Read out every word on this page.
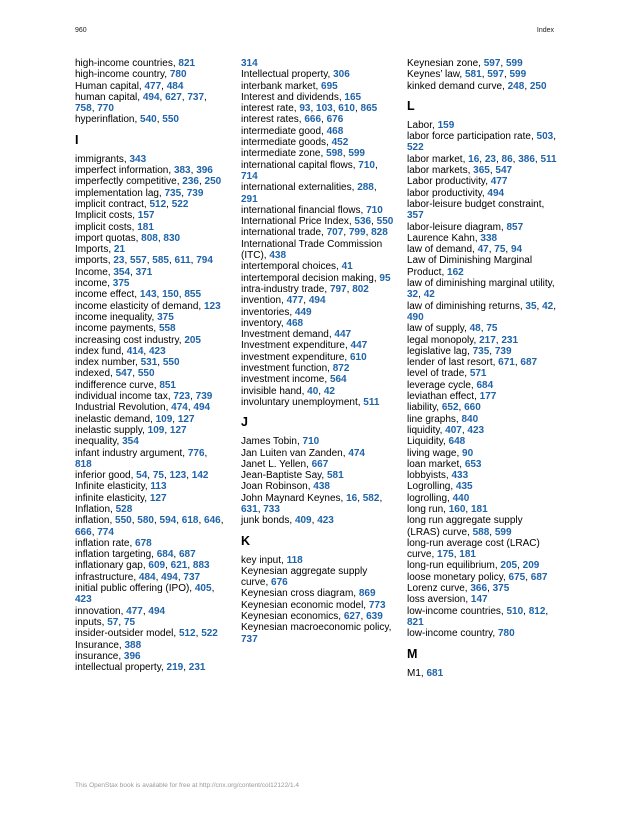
960	Index
high-income countries, 821
high-income country, 780
Human capital, 477, 484
human capital, 494, 627, 737, 758, 770
hyperinflation, 540, 550
I
immigrants, 343
imperfect information, 383, 396
imperfectly competitive, 236, 250
implementation lag, 735, 739
implicit contract, 512, 522
Implicit costs, 157
implicit costs, 181
import quotas, 808, 830
Imports, 21
imports, 23, 557, 585, 611, 794
Income, 354, 371
income, 375
income effect, 143, 150, 855
income elasticity of demand, 123
income inequality, 375
income payments, 558
increasing cost industry, 205
index fund, 414, 423
index number, 531, 550
indexed, 547, 550
indifference curve, 851
individual income tax, 723, 739
Industrial Revolution, 474, 494
inelastic demand, 109, 127
inelastic supply, 109, 127
inequality, 354
infant industry argument, 776, 818
inferior good, 54, 75, 123, 142
Infinite elasticity, 113
infinite elasticity, 127
Inflation, 528
inflation, 550, 580, 594, 618, 646, 666, 774
inflation rate, 678
inflation targeting, 684, 687
inflationary gap, 609, 621, 883
infrastructure, 484, 494, 737
initial public offering (IPO), 405, 423
innovation, 477, 494
inputs, 57, 75
insider-outsider model, 512, 522
Insurance, 388
insurance, 396
intellectual property, 219, 231
314
Intellectual property, 306
interbank market, 695
Interest and dividends, 165
interest rate, 93, 103, 610, 865
interest rates, 666, 676
intermediate good, 468
intermediate goods, 452
intermediate zone, 598, 599
international capital flows, 710, 714
international externalities, 288, 291
international financial flows, 710
International Price Index, 536, 550
international trade, 707, 799, 828
International Trade Commission (ITC), 438
intertemporal choices, 41
intertemporal decision making, 95
intra-industry trade, 797, 802
invention, 477, 494
inventories, 449
inventory, 468
Investment demand, 447
Investment expenditure, 447
investment expenditure, 610
investment function, 872
investment income, 564
invisible hand, 40, 42
involuntary unemployment, 511
J
James Tobin, 710
Jan Luiten van Zanden, 474
Janet L. Yellen, 667
Jean-Baptiste Say, 581
Joan Robinson, 438
John Maynard Keynes, 16, 582, 631, 733
junk bonds, 409, 423
K
key input, 118
Keynesian aggregate supply curve, 676
Keynesian cross diagram, 869
Keynesian economic model, 773
Keynesian economics, 627, 639
Keynesian macroeconomic policy, 737
Keynesian zone, 597, 599
Keynes’ law, 581, 597, 599
kinked demand curve, 248, 250
L
Labor, 159
labor force participation rate, 503, 522
labor market, 16, 23, 86, 386, 511
labor markets, 365, 547
Labor productivity, 477
labor productivity, 494
labor-leisure budget constraint, 357
labor-leisure diagram, 857
Laurence Kahn, 338
law of demand, 47, 75, 94
Law of Diminishing Marginal Product, 162
law of diminishing marginal utility, 32, 42
law of diminishing returns, 35, 42, 490
law of supply, 48, 75
legal monopoly, 217, 231
legislative lag, 735, 739
lender of last resort, 671, 687
level of trade, 571
leverage cycle, 684
leviathan effect, 177
liability, 652, 660
line graphs, 840
liquidity, 407, 423
Liquidity, 648
living wage, 90
loan market, 653
lobbyists, 433
Logrolling, 435
logrolling, 440
long run, 160, 181
long run aggregate supply (LRAS) curve, 588, 599
long-run average cost (LRAC) curve, 175, 181
long-run equilibrium, 205, 209
loose monetary policy, 675, 687
Lorenz curve, 366, 375
loss aversion, 147
low-income countries, 510, 812, 821
low-income country, 780
M
M1, 681
This OpenStax book is available for free at http://cnx.org/content/col12122/1.4
